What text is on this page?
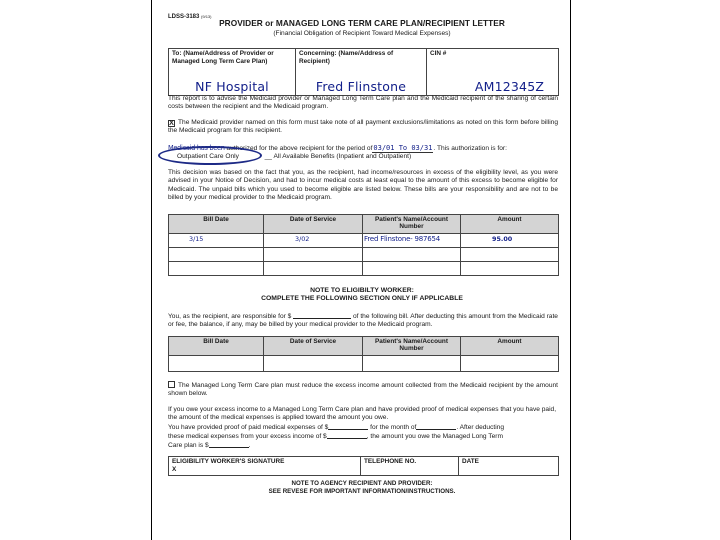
LDSS-3183 (9/13)
PROVIDER or MANAGED LONG TERM CARE PLAN/RECIPIENT LETTER
(Financial Obligation of Recipient Toward Medical Expenses)
To: (Name/Address of Provider or Managed Long Term Care Plan)
NF Hospital

Concerning: (Name/Address of Recipient)
Fred Flinstone

CIN #
AM12345Z
This report is to advise the Medicaid provider or Managed Long Term Care plan and the Medicaid recipient of the sharing of certain costs between the recipient and the Medicaid program.
X The Medicaid provider named on this form must take note of all payment exclusions/limitations as noted on this form before billing the Medicaid program for this recipient.
Medicaid has been authorized for the above recipient for the period of03/01 To 03/31. This authorization is for:
Outpatient Care Only	__ All Available Benefits (Inpatient and Outpatient)
This decision was based on the fact that you, as the recipient, had income/resources in excess of the eligibility level, as you were advised in your Notice of Decision, and had to incur medical costs at least equal to the amount of this excess to become eligible for Medicaid. The unpaid bills which you used to become eligible are listed below. These bills are your responsibility and are not to be billed by your medical provider to the Medicaid program.
Bill Date	Date of Service	Patient's Name/Account Number	Amount
3/15	3/02	Fred Flinstone- 987654	95.00

NOTE TO ELIGIBILTY WORKER:
COMPLETE THE FOLLOWING SECTION ONLY IF APPLICABLE
You, as the recipient, are responsible for $	of the following bill. After deducting this amount from the Medicaid rate or fee, the balance, if any, may be billed by your medical provider to the Medicaid program.
Bill Date	Date of Service	Patient's Name/Account Number	Amount

The Managed Long Term Care plan must reduce the excess income amount collected from the Medicaid recipient by the amount shown below.
If you owe your excess income to a Managed Long Term Care plan and have provided proof of medical expenses that you have paid, the amount of the medical expenses is applied toward the amount you owe.
You have provided proof of paid medical expenses of $	for the month of	. After deducting
these medical expenses from your excess income of $	, the amount you owe the Managed Long Term
Care plan is $	.
ELIGIBILITY WORKER'S SIGNATURE
X

TELEPHONE NO.	DATE
NOTE TO AGENCY RECIPIENT AND PROVIDER:
SEE REVESE FOR IMPORTANT INFORMATION/INSTRUCTIONS.
